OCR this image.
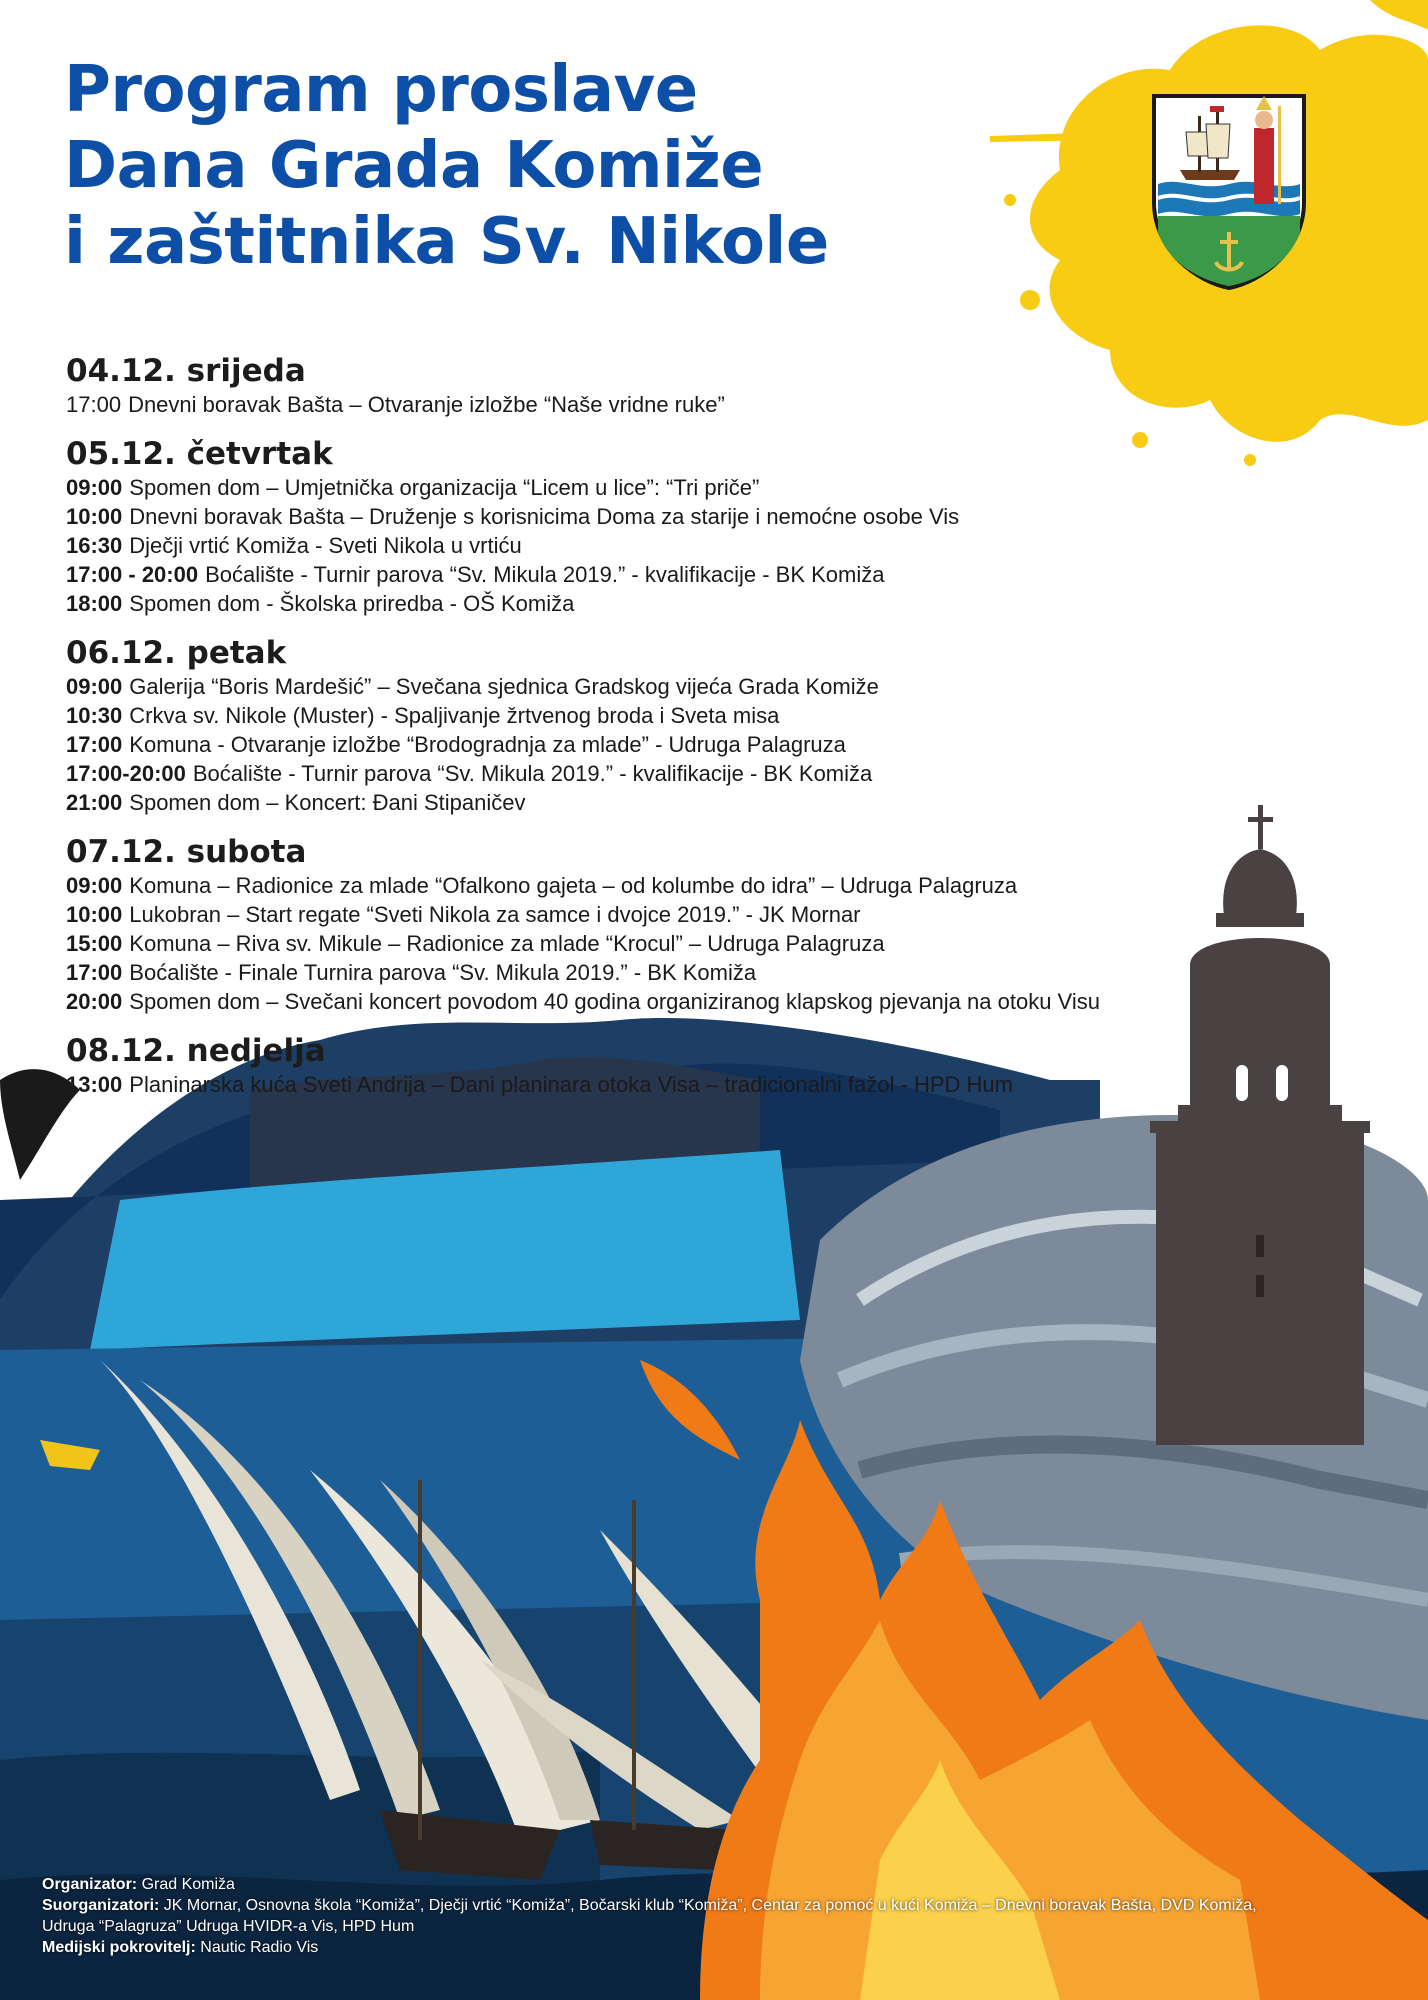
Program proslave
Dana Grada Komiže
i zaštitnika Sv. Nikole
04.12. srijeda
17:00 Dnevni boravak Bašta – Otvaranje izložbe “Naše vridne ruke”
05.12. četvrtak
09:00 Spomen dom – Umjetnička organizacija “Licem u lice”: “Tri priče”
10:00 Dnevni boravak Bašta – Druženje s korisnicima Doma za starije i nemoćne osobe Vis
16:30 Dječji vrtić Komiža - Sveti Nikola u vrtiću
17:00 - 20:00 Boćalište - Turnir parova “Sv. Mikula 2019.” - kvalifikacije - BK Komiža
18:00 Spomen dom - Školska priredba - OŠ Komiža
06.12. petak
09:00 Galerija “Boris Mardešić” – Svečana sjednica Gradskog vijeća Grada Komiže
10:30 Crkva sv. Nikole (Muster) - Spaljivanje žrtvenog broda i Sveta misa
17:00 Komuna - Otvaranje izložbe “Brodogradnja za mlade” - Udruga Palagruza
17:00-20:00 Boćalište - Turnir parova “Sv. Mikula 2019.” - kvalifikacije - BK Komiža
21:00 Spomen dom – Koncert: Đani Stipaničev
07.12. subota
09:00 Komuna – Radionice za mlade “Ofalkono gajeta – od kolumbe do idra” – Udruga Palagruza
10:00 Lukobran – Start regate “Sveti Nikola za samce i dvojce 2019.” - JK Mornar
15:00 Komuna – Riva sv. Mikule – Radionice za mlade “Krocul” – Udruga Palagruza
17:00 Boćalište - Finale Turnira parova “Sv. Mikula 2019.” - BK Komiža
20:00 Spomen dom – Svečani koncert povodom 40 godina organiziranog klapskog pjevanja na otoku Visu
08.12. nedjelja
13:00 Planinarska kuća Sveti Andrija – Dani planinara otoka Visa – tradicionalni fažol - HPD Hum
Organizator: Grad Komiža
Suorganizatori: JK Mornar, Osnovna škola “Komiža”, Dječji vrtić “Komiža”, Bočarski klub “Komiža”, Centar za pomoć u kući Komiža – Dnevni boravak Bašta, DVD Komiža, Udruga “Palagruza” Udruga HVIDR-a Vis, HPD Hum
Medijski pokrovitelj: Nautic Radio Vis
